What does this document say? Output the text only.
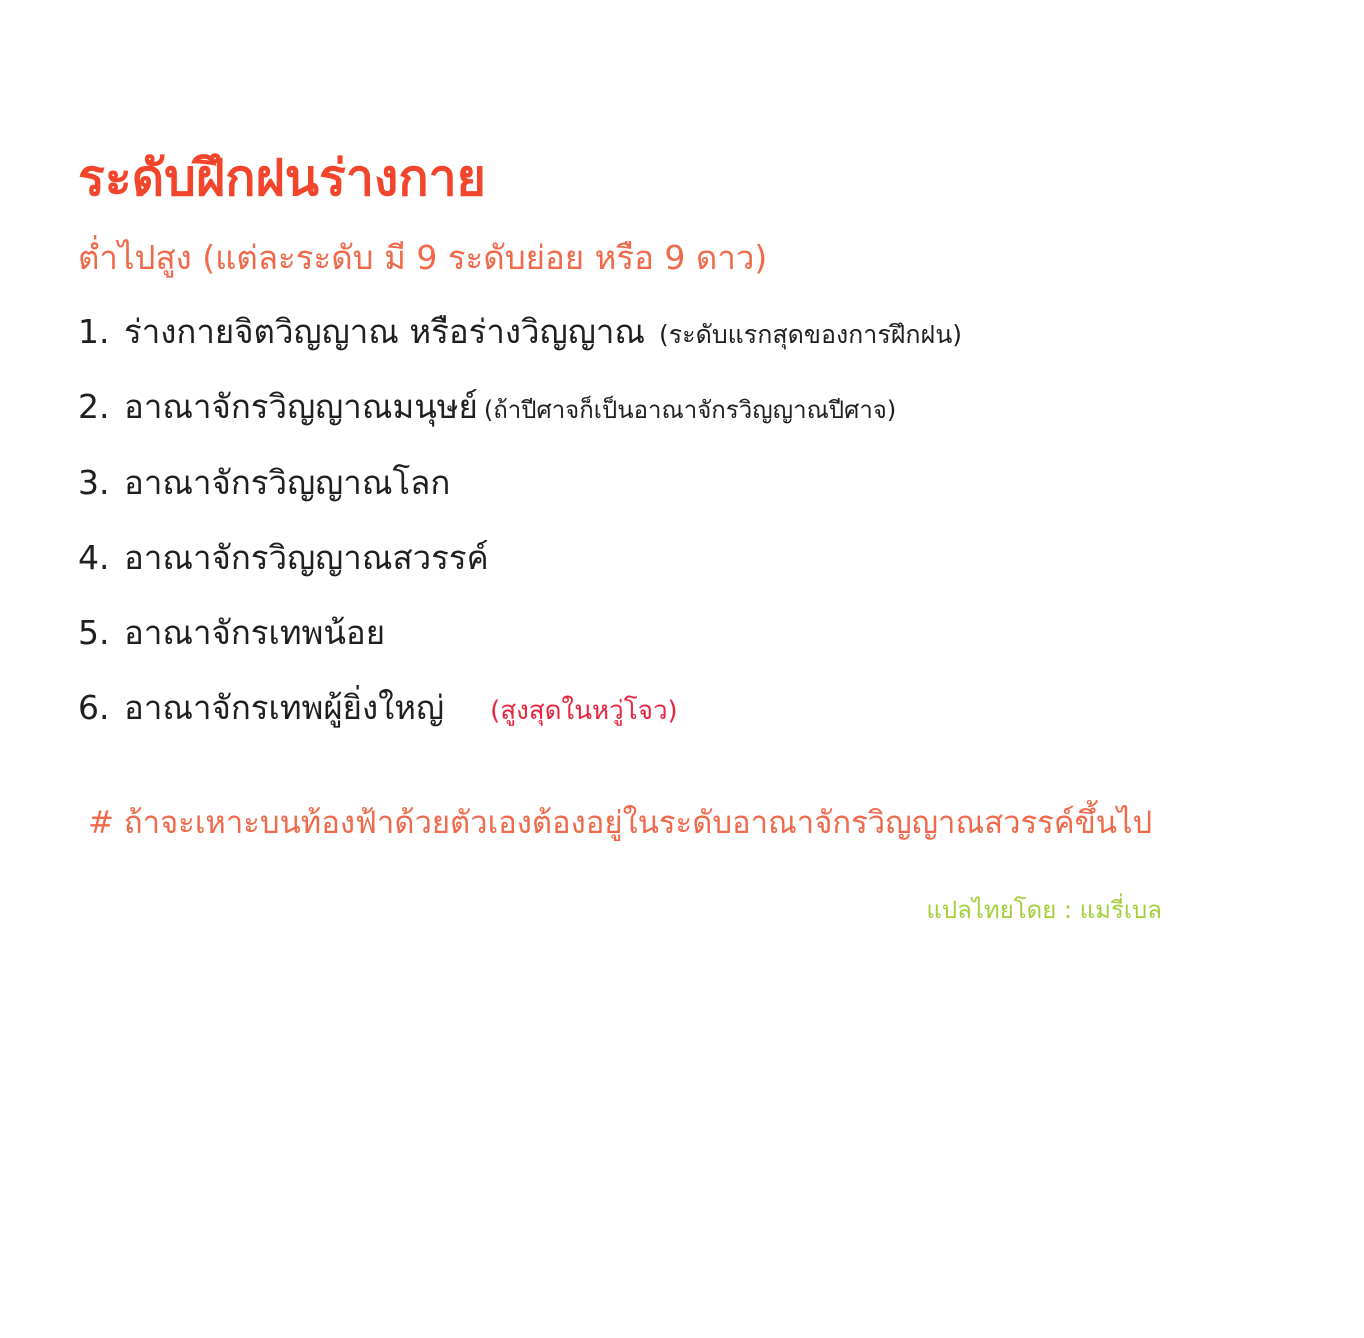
ระดับฝึกฝนร่างกาย
ต่ำไปสูง (แต่ละระดับ มี 9 ระดับย่อย หรือ 9 ดาว)
1. ร่างกายจิตวิญญาณ หรือร่างวิญญาณ (ระดับแรกสุดของการฝึกฝน)
2. อาณาจักรวิญญาณมนุษย์ (ถ้าปีศาจก็เป็นอาณาจักรวิญญาณปีศาจ)
3. อาณาจักรวิญญาณโลก
4. อาณาจักรวิญญาณสวรรค์
5. อาณาจักรเทพน้อย
6. อาณาจักรเทพผู้ยิ่งใหญ่ (สูงสุดในหวู่โจว)
# ถ้าจะเหาะบนท้องฟ้าด้วยตัวเองต้องอยู่ในระดับอาณาจักรวิญญาณสวรรค์ขึ้นไป
แปลไทยโดย : แมรี่เบล
